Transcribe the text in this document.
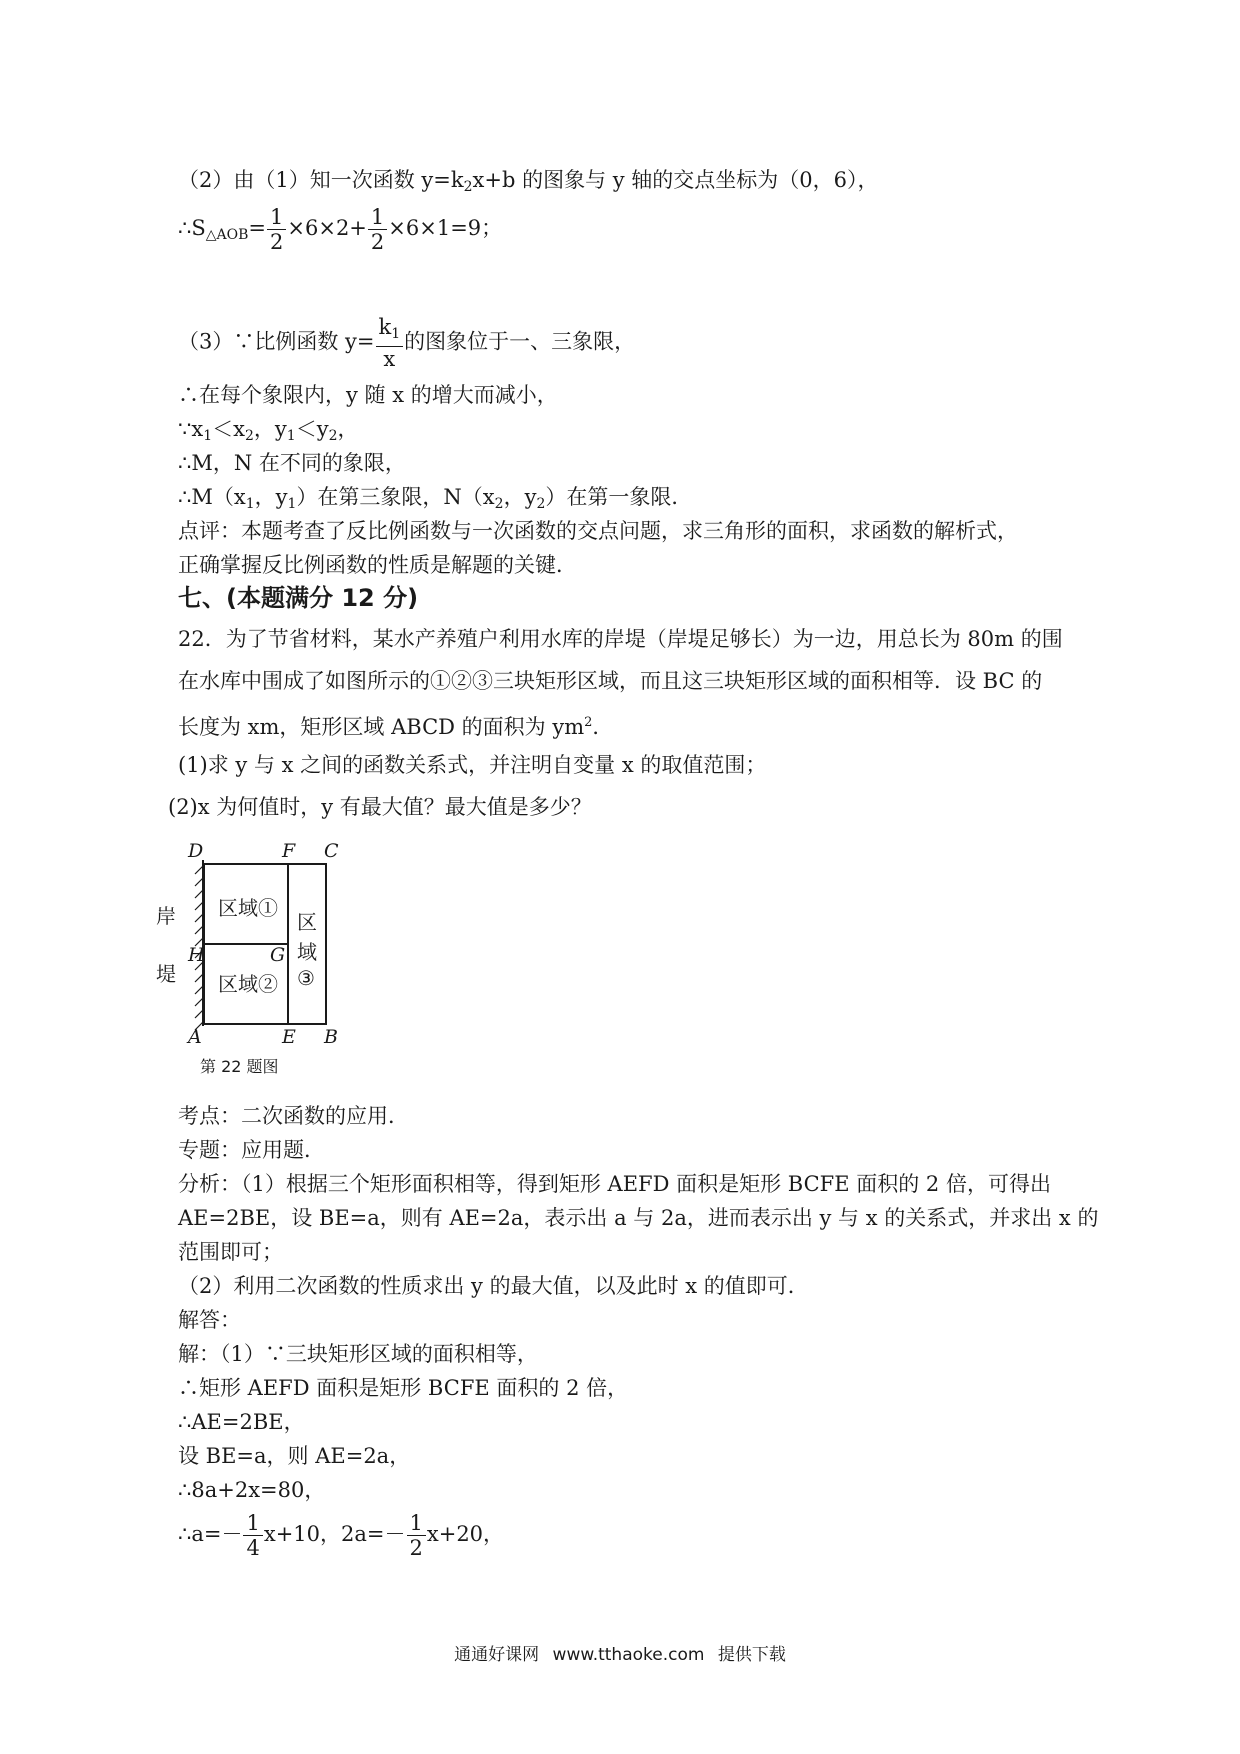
（2）由（1）知一次函数 $y=k_2x+b$ 的图象与 y 轴的交点坐标为（0，6），
$\therefore S_{\triangle AOB}= \frac{1}{2} \times 6\times 2+ \frac{1}{2} \times 6\times 1=9$；
（3）∵比例函数 $y= \frac{k_1}{x}$ 的图象位于一、三象限，
∴在每个象限内，y 随 x 的增大而减小，
$\because x_1<x_2$，$y_1<y_2$，
∴M，N 在不同的象限，
$\therefore M(x_1$，$y_1$）在第三象限，$N(x_2$，$y_2$）在第一象限．
点评：本题考查了反比例函数与一次函数的交点问题，求三角形的面积，求函数的解析式，
正确掌握反比例函数的性质是解题的关键．
七、(本题满分 12 分)
22．为了节省材料，某水产养殖户利用水库的岸堤（岸堤足够长）为一边，用总长为 80m 的围
在水库中围成了如图所示的①②③三块矩形区域，而且这三块矩形区域的面积相等．设 BC 的
长度为 xm，矩形区域 ABCD 的面积为 $ym^2$．
(1)求 y 与 x 之间的函数关系式，并注明自变量 x 的取值范围；
(2)x 为何值时，y 有最大值？最大值是多少？
D	F C
区域①
区
域
③
岸
堤
H	G
区域②
A	E B
第 22 题图
考点：二次函数的应用．
专题：应用题．
分析：（1）根据三个矩形面积相等，得到矩形 AEFD 面积是矩形 BCFE 面积的 2 倍，可得出
AE=2BE，设 BE=a，则有 AE=2a，表示出 a 与 2a，进而表示出 y 与 x 的关系式，并求出 x 的
范围即可；
（2）利用二次函数的性质求出 y 的最大值，以及此时 x 的值即可．
解答：
解：（1）∵三块矩形区域的面积相等，
∴矩形 AEFD 面积是矩形 BCFE 面积的 2 倍，
∴AE=2BE，
设 BE=a，则 AE=2a，
∴8a+2x=80，
∴a=－ $\frac{1}{4} x+10$，$2a=- \frac{1}{2} x+20$，
通通好课网 www.tthaoke.com 提供下载
